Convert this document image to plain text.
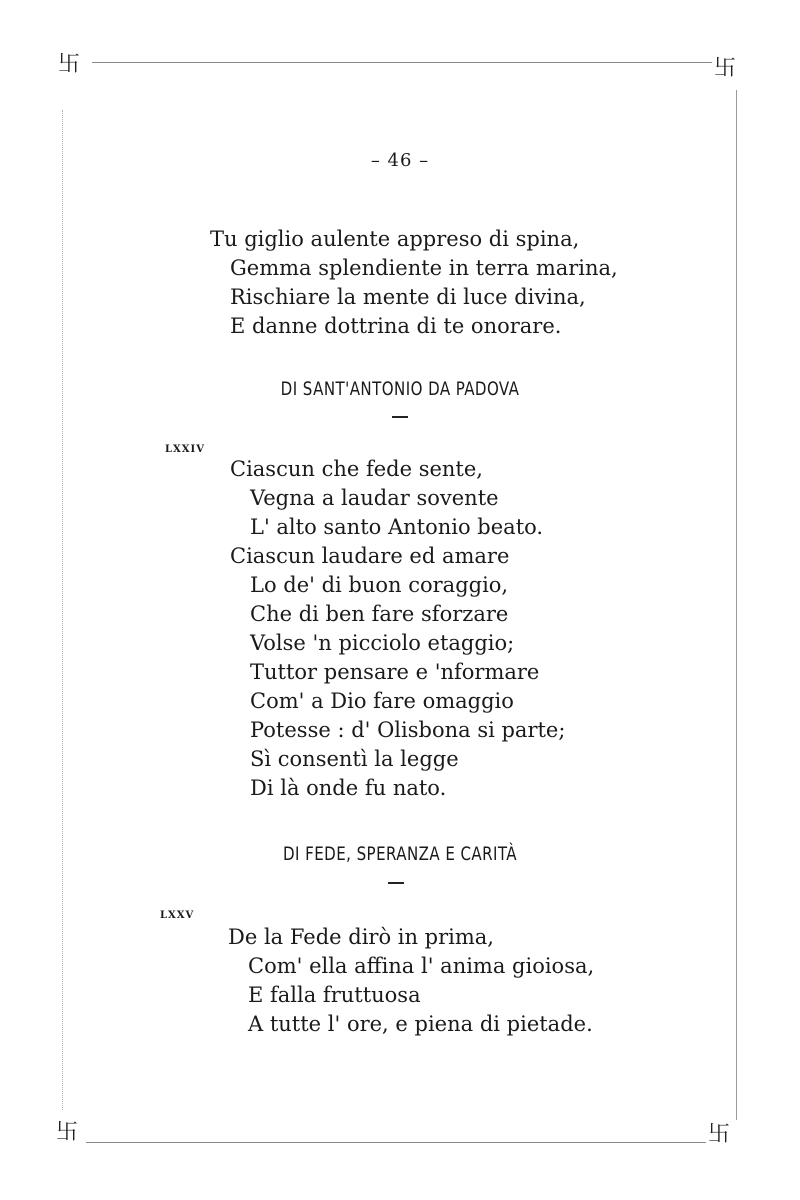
卐	卐
卐	卐
– 46 –
Tu giglio aulente appreso di spina,
Gemma splendiente in terra marina,
Rischiare la mente di luce divina,
E danne dottrina di te onorare.
DI SANT'ANTONIO DA PADOVA
LXXIV
Ciascun che fede sente,
Vegna a laudar sovente
L' alto santo Antonio beato.
Ciascun laudare ed amare
Lo de' di buon coraggio,
Che di ben fare sforzare
Volse 'n picciolo etaggio;
Tuttor pensare e 'nformare
Com' a Dio fare omaggio
Potesse : d' Olisbona si parte;
Sì consentì la legge
Di là onde fu nato.
DI FEDE, SPERANZA E CARITÀ
LXXV
De la Fede dirò in prima,
Com' ella affina l' anima gioiosa,
E falla fruttuosa
A tutte l' ore, e piena di pietade.
